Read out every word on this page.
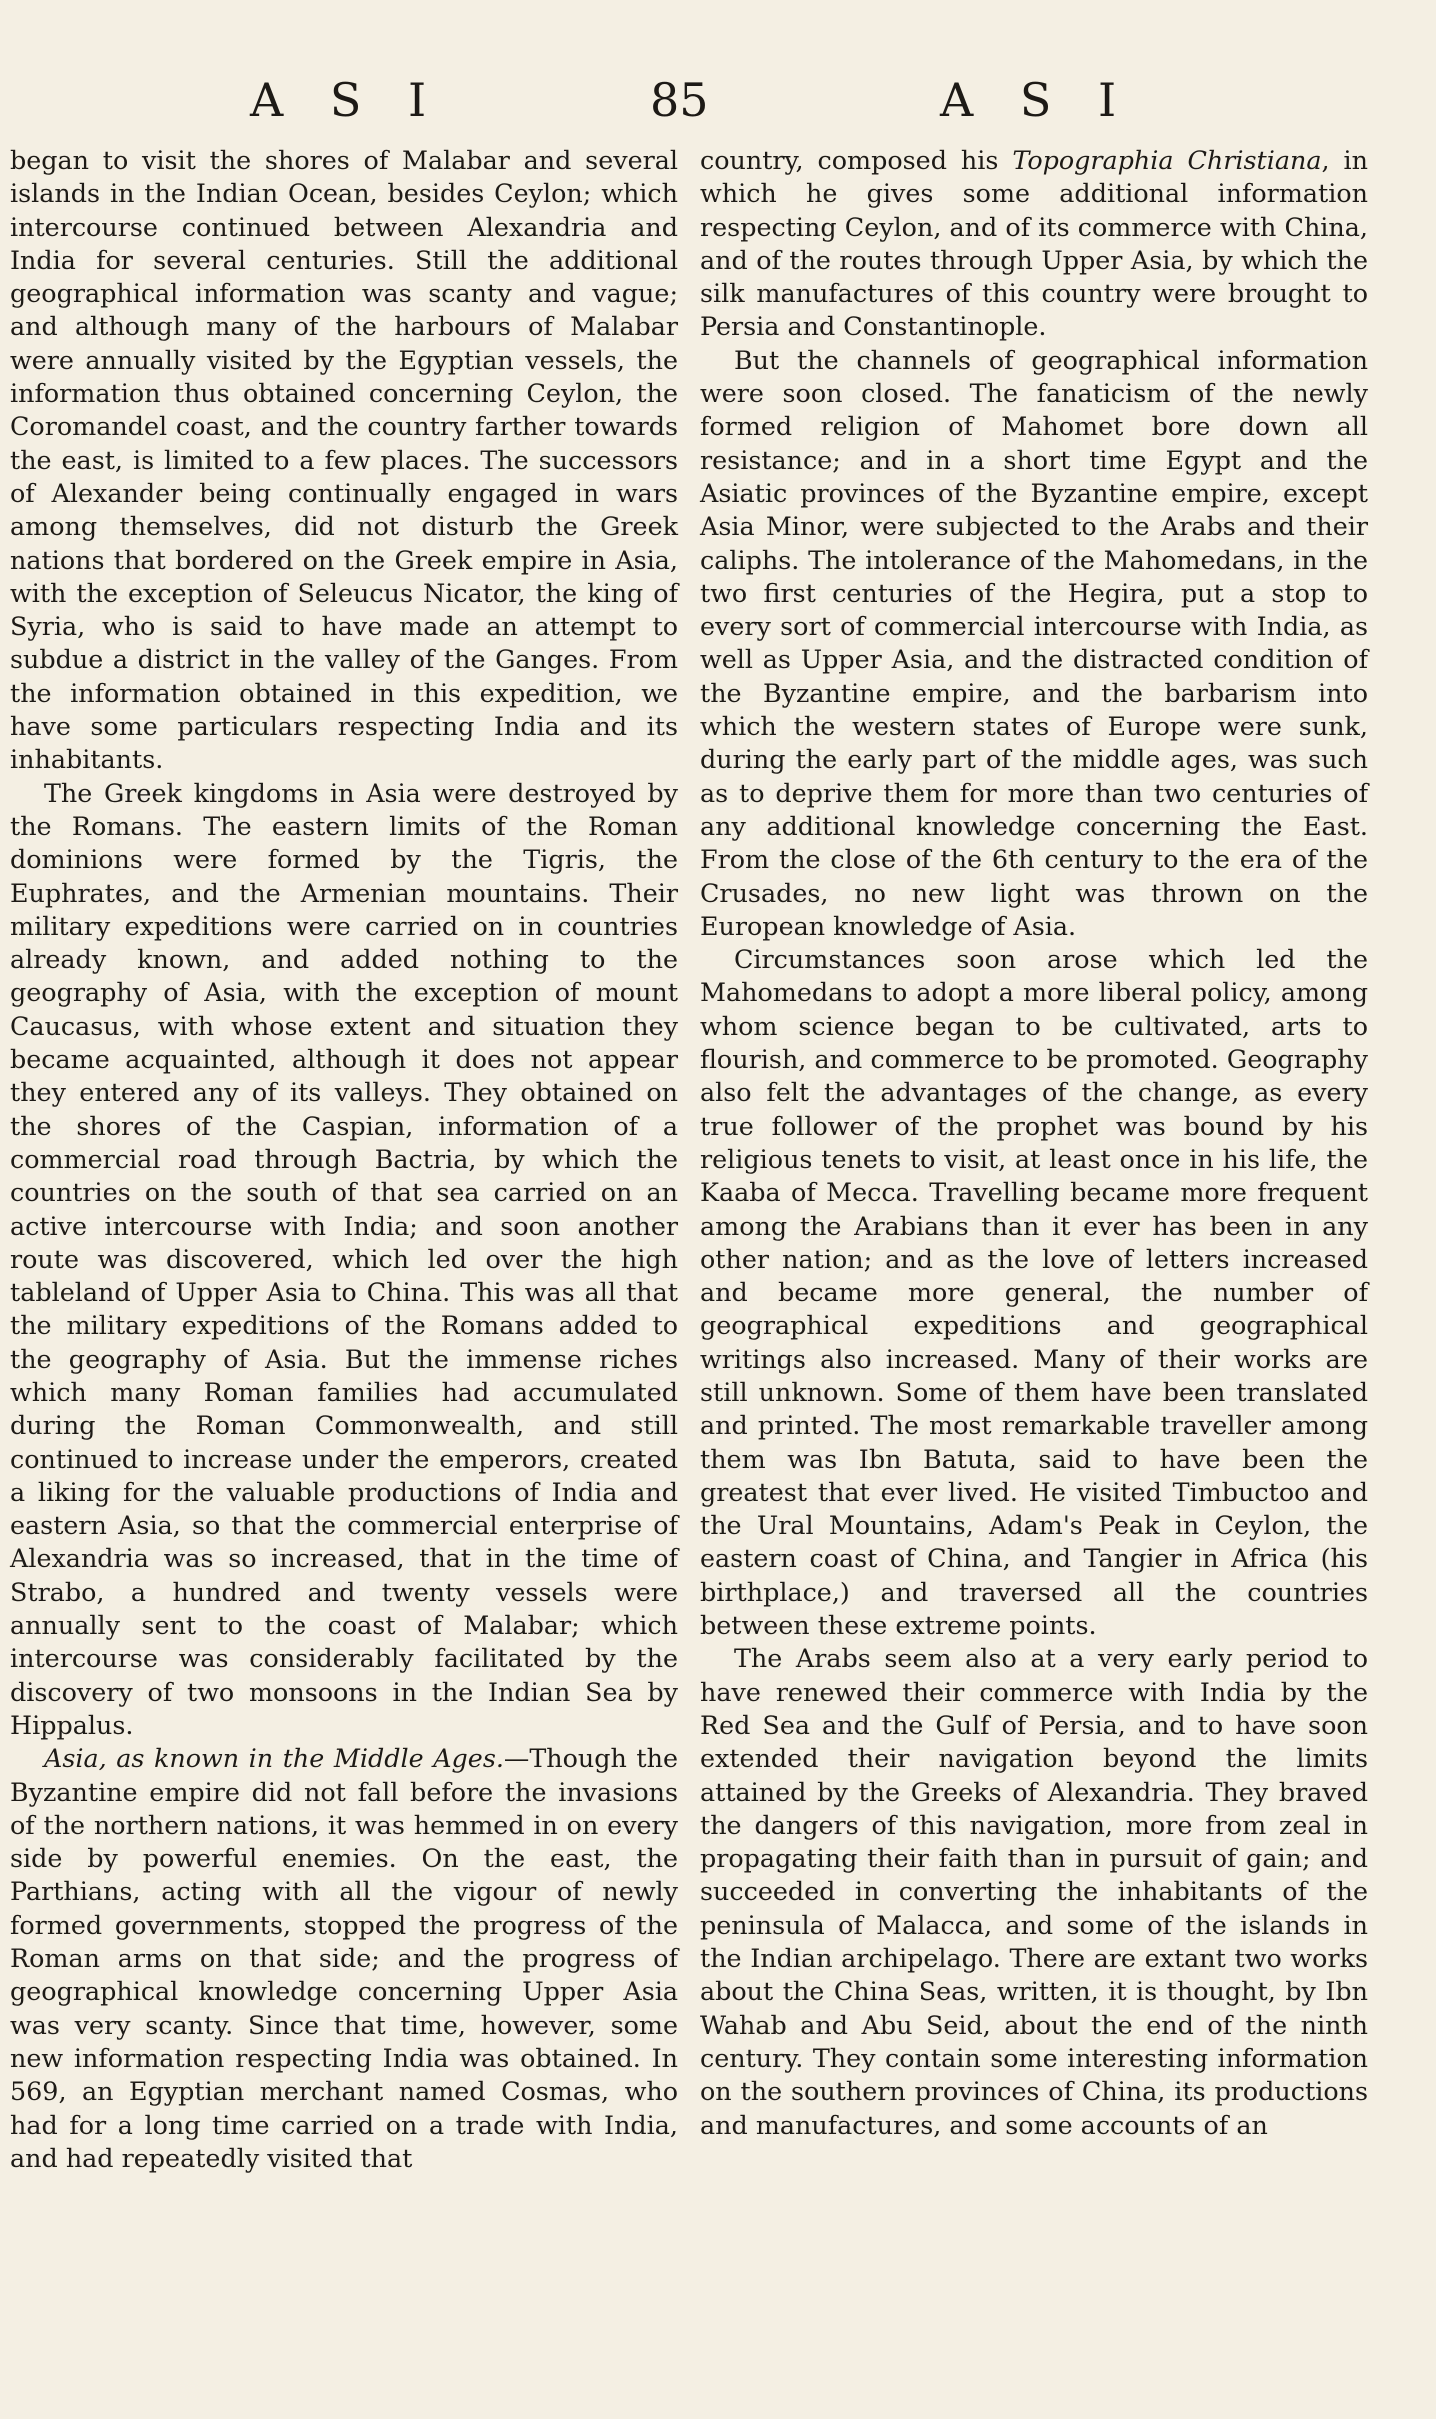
A S I	85	A S I

began to visit the shores of Malabar and several islands in the Indian Ocean, besides Ceylon; which intercourse continued between Alexandria and India for several centuries. Still the additional geographical information was scanty and vague; and although many of the harbours of Malabar were annually visited by the Egyptian vessels, the information thus obtained concerning Ceylon, the Coromandel coast, and the country farther towards the east, is limited to a few places. The successors of Alexander being continually engaged in wars among themselves, did not disturb the Greek nations that bordered on the Greek empire in Asia, with the exception of Seleucus Nicator, the king of Syria, who is said to have made an attempt to subdue a district in the valley of the Ganges. From the information obtained in this expedition, we have some particulars respecting India and its inhabitants.

The Greek kingdoms in Asia were destroyed by the Romans. The eastern limits of the Roman dominions were formed by the Tigris, the Euphrates, and the Armenian mountains. Their military expeditions were carried on in countries already known, and added nothing to the geography of Asia, with the exception of mount Caucasus, with whose extent and situation they became acquainted, although it does not appear they entered any of its valleys. They obtained on the shores of the Caspian, information of a commercial road through Bactria, by which the countries on the south of that sea carried on an active intercourse with India; and soon another route was discovered, which led over the high tableland of Upper Asia to China. This was all that the military expeditions of the Romans added to the geography of Asia. But the immense riches which many Roman families had accumulated during the Roman Commonwealth, and still continued to increase under the emperors, created a liking for the valuable productions of India and eastern Asia, so that the commercial enterprise of Alexandria was so increased, that in the time of Strabo, a hundred and twenty vessels were annually sent to the coast of Malabar; which intercourse was considerably facilitated by the discovery of two monsoons in the Indian Sea by Hippalus.

Asia, as known in the Middle Ages.—Though the Byzantine empire did not fall before the invasions of the northern nations, it was hemmed in on every side by powerful enemies. On the east, the Parthians, acting with all the vigour of newly formed governments, stopped the progress of the Roman arms on that side; and the progress of geographical knowledge concerning Upper Asia was very scanty. Since that time, however, some new information respecting India was obtained. In 569, an Egyptian merchant named Cosmas, who had for a long time carried on a trade with India, and had repeatedly visited that

country, composed his Topographia Christiana, in which he gives some additional information respecting Ceylon, and of its commerce with China, and of the routes through Upper Asia, by which the silk manufactures of this country were brought to Persia and Constantinople.

But the channels of geographical information were soon closed. The fanaticism of the newly formed religion of Mahomet bore down all resistance; and in a short time Egypt and the Asiatic provinces of the Byzantine empire, except Asia Minor, were subjected to the Arabs and their caliphs. The intolerance of the Mahomedans, in the two first centuries of the Hegira, put a stop to every sort of commercial intercourse with India, as well as Upper Asia, and the distracted condition of the Byzantine empire, and the barbarism into which the western states of Europe were sunk, during the early part of the middle ages, was such as to deprive them for more than two centuries of any additional knowledge concerning the East. From the close of the 6th century to the era of the Crusades, no new light was thrown on the European knowledge of Asia.

Circumstances soon arose which led the Mahomedans to adopt a more liberal policy, among whom science began to be cultivated, arts to flourish, and commerce to be promoted. Geography also felt the advantages of the change, as every true follower of the prophet was bound by his religious tenets to visit, at least once in his life, the Kaaba of Mecca. Travelling became more frequent among the Arabians than it ever has been in any other nation; and as the love of letters increased and became more general, the number of geographical expeditions and geographical writings also increased. Many of their works are still unknown. Some of them have been translated and printed. The most remarkable traveller among them was Ibn Batuta, said to have been the greatest that ever lived. He visited Timbuctoo and the Ural Mountains, Adam's Peak in Ceylon, the eastern coast of China, and Tangier in Africa (his birthplace,) and traversed all the countries between these extreme points.

The Arabs seem also at a very early period to have renewed their commerce with India by the Red Sea and the Gulf of Persia, and to have soon extended their navigation beyond the limits attained by the Greeks of Alexandria. They braved the dangers of this navigation, more from zeal in propagating their faith than in pursuit of gain; and succeeded in converting the inhabitants of the peninsula of Malacca, and some of the islands in the Indian archipelago. There are extant two works about the China Seas, written, it is thought, by Ibn Wahab and Abu Seid, about the end of the ninth century. They contain some interesting information on the southern provinces of China, its productions and manufactures, and some accounts of an
